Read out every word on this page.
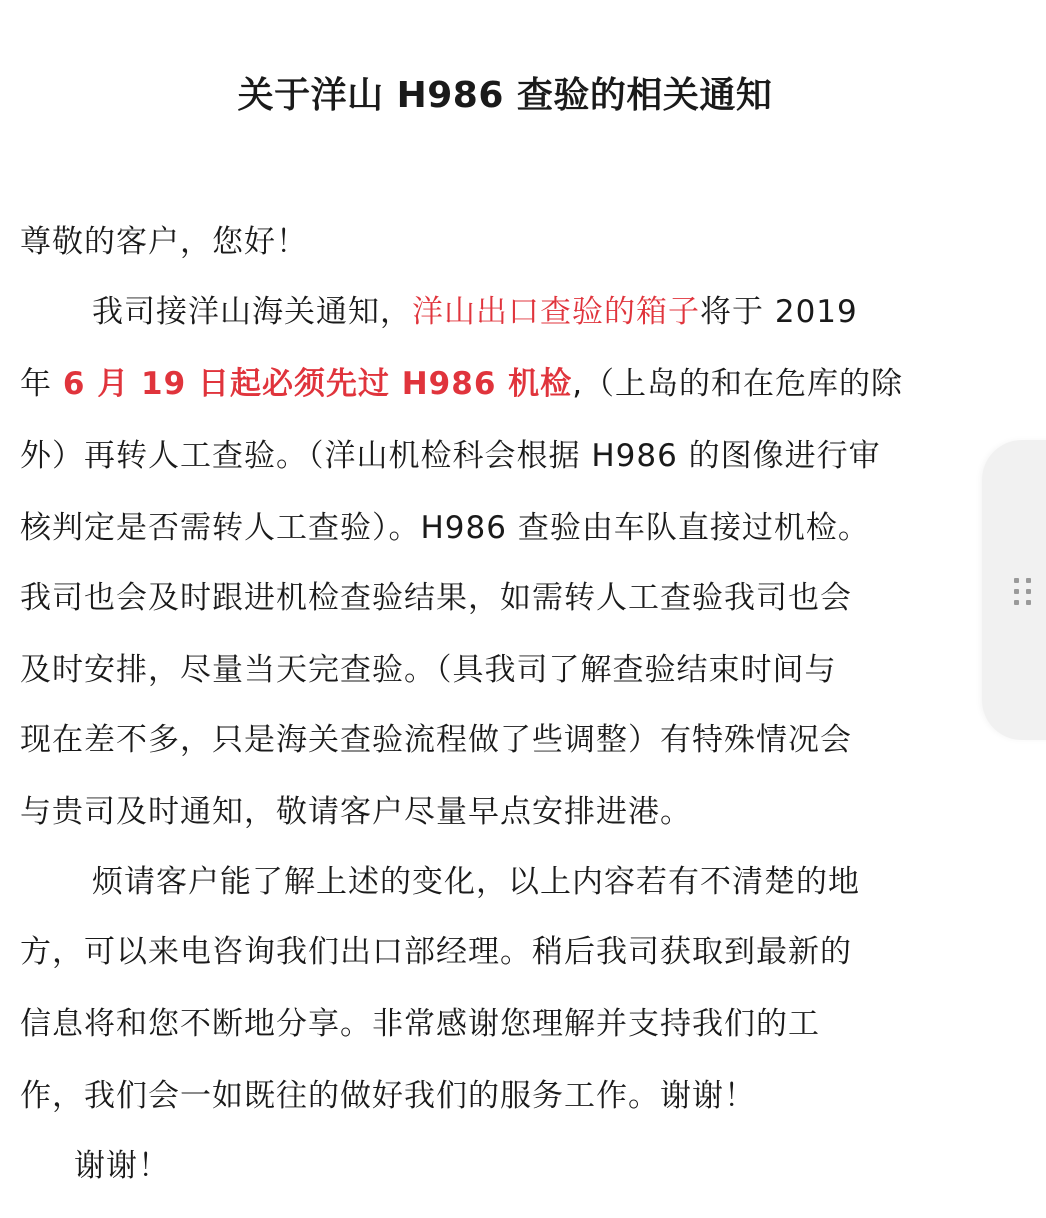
关于洋山 H986 查验的相关通知
尊敬的客户，您好！
我司接洋山海关通知，洋山出口查验的箱子将于 2019
年 6 月 19 日起必须先过 H986 机检,（上岛的和在危库的除
外）再转人工查验。（洋山机检科会根据 H986 的图像进行审
核判定是否需转人工查验）。H986 查验由车队直接过机检。
我司也会及时跟进机检查验结果，如需转人工查验我司也会
及时安排，尽量当天完查验。（具我司了解查验结束时间与
现在差不多，只是海关查验流程做了些调整）有特殊情况会
与贵司及时通知，敬请客户尽量早点安排进港。
烦请客户能了解上述的变化，以上内容若有不清楚的地
方，可以来电咨询我们出口部经理。稍后我司获取到最新的
信息将和您不断地分享。非常感谢您理解并支持我们的工
作，我们会一如既往的做好我们的服务工作。谢谢！
谢谢！
